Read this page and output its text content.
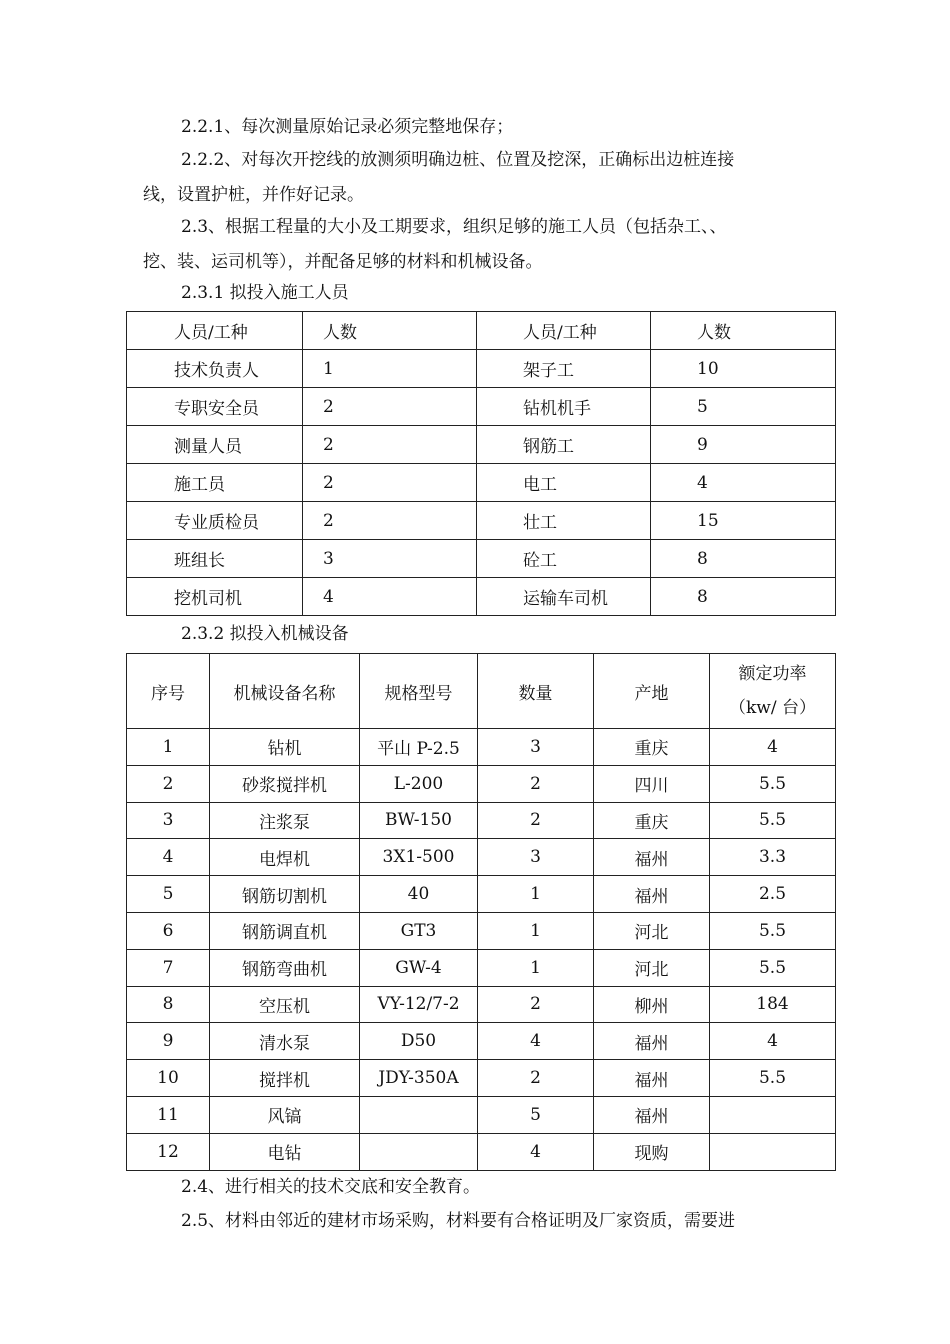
2.2.1、每次测量原始记录必须完整地保存；

2.2.2、对每次开挖线的放测须明确边桩、位置及挖深，正确标出边桩连接
线，设置护桩，并作好记录。

2.3、根据工程量的大小及工期要求，组织足够的施工人员（包括杂工、、
挖、装、运司机等），并配备足够的材料和机械设备。

2.3.1 拟投入施工人员
人员/工种	人数	人员/工种	人数
技术负责人	1	架子工	10
专职安全员	2	钻机机手	5
测量人员	2	钢筋工	9
施工员	2	电工	4
专业质检员	2	壮工	15
班组长	3	砼工	8
挖机司机	4	运输车司机	8
2.3.2 拟投入机械设备
序号	机械设备名称	规格型号	数量	产地	额定功率
（kw/ 台）
1	钻机	平山 P-2.5	3	重庆	4
2	砂浆搅拌机	L-200	2	四川	5.5
3	注浆泵	BW-150	2	重庆	5.5
4	电焊机	3X1-500	3	福州	3.3
5	钢筋切割机	40	1	福州	2.5
6	钢筋调直机	GT3	1	河北	5.5
7	钢筋弯曲机	GW-4	1	河北	5.5
8	空压机	VY-12/7-2	2	柳州	184
9	清水泵	D50	4	福州	4
10	搅拌机	JDY-350A	2	福州	5.5
11	风镐		5	福州	
12	电钻		4	现购	

2.4、进行相关的技术交底和安全教育。

2.5、材料由邻近的建材市场采购，材料要有合格证明及厂家资质，需要进
